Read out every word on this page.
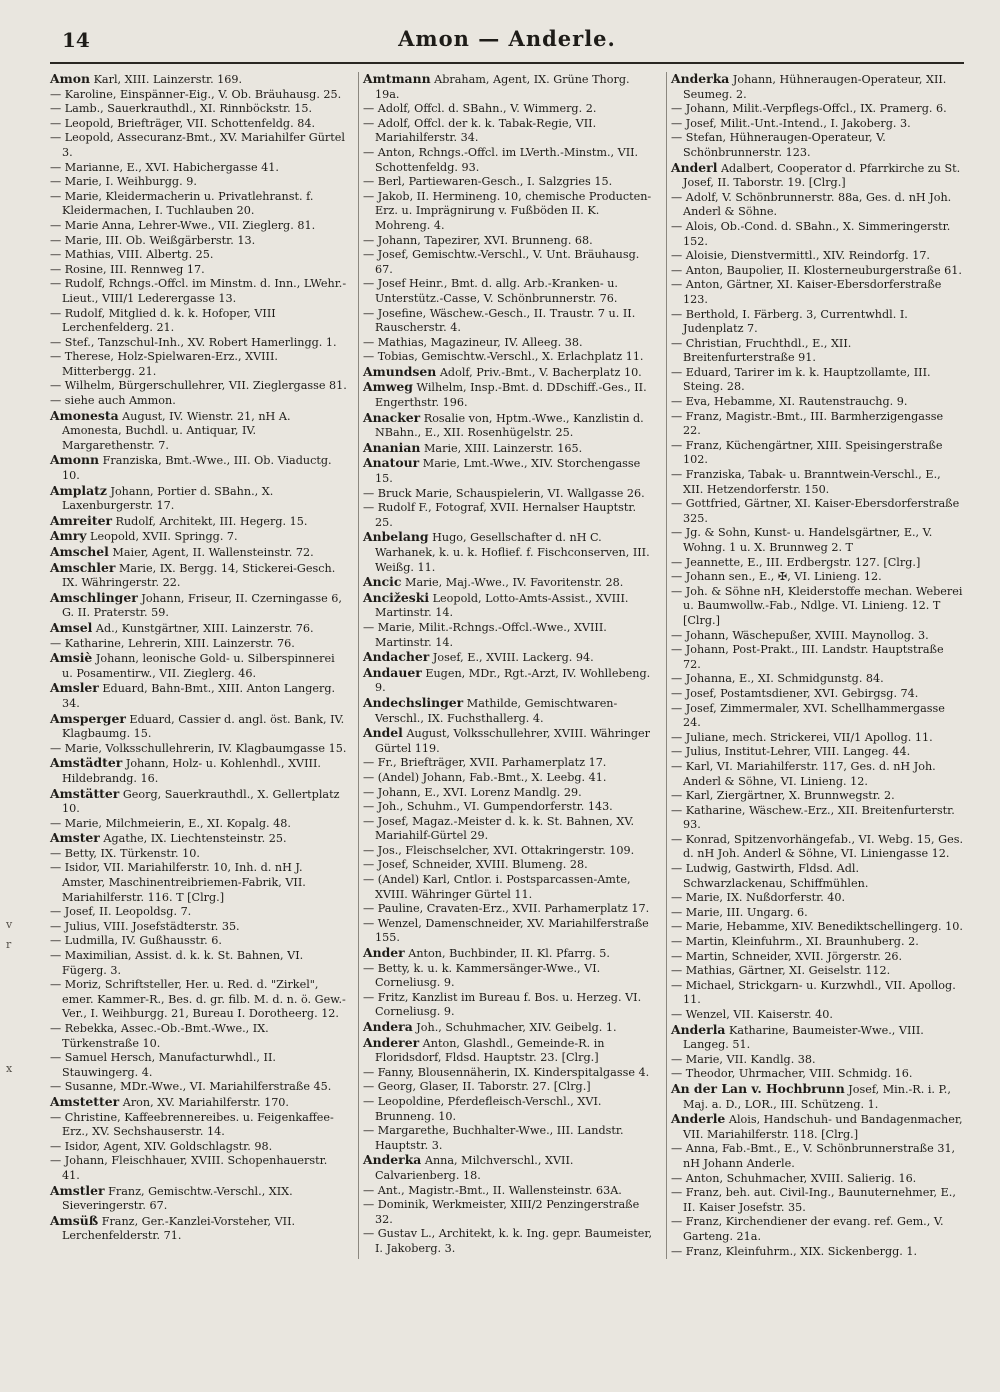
14	Amon — Anderle.
v
r
x

Amon Karl, XIII. Lainzerstr. 169.

— Karoline, Einspänner-Eig., V. Ob. Bräuhausg. 25.

— Lamb., Sauerkrauthdl., XI. Rinnböckstr. 15.

— Leopold, Briefträger, VII. Schottenfeldg. 84.

— Leopold, Assecuranz-Bmt., XV. Mariahilfer Gürtel 3.

— Marianne, E., XVI. Habichergasse 41.

— Marie, I. Weihburgg. 9.

— Marie, Kleidermacherin u. Privatlehranst. f. Kleidermachen, I. Tuchlauben 20.

— Marie Anna, Lehrer-Wwe., VII. Zieglerg. 81.

— Marie, III. Ob. Weißgärberstr. 13.

— Mathias, VIII. Albertg. 25.

— Rosine, III. Rennweg 17.

— Rudolf, Rchngs.-Offcl. im Minstm. d. Inn., LWehr.-Lieut., VIII/1 Lederergasse 13.

— Rudolf, Mitglied d. k. k. Hofoper, VIII Lerchenfelderg. 21.

— Stef., Tanzschul-Inh., XV. Robert Hamerlingg. 1.

— Therese, Holz-Spielwaren-Erz., XVIII. Mitterbergg. 21.

— Wilhelm, Bürgerschullehrer, VII. Zieglergasse 81.

— siehe auch Ammon.

Amonesta August, IV. Wienstr. 21, nH A. Amonesta, Buchdl. u. Antiquar, IV. Margarethenstr. 7.

Amonn Franziska, Bmt.-Wwe., III. Ob. Viaductg. 10.

Amplatz Johann, Portier d. SBahn., X. Laxenburgerstr. 17.

Amreiter Rudolf, Architekt, III. Hegerg. 15.

Amry Leopold, XVII. Springg. 7.

Amschel Maier, Agent, II. Wallensteinstr. 72.

Amschler Marie, IX. Bergg. 14, Stickerei-Gesch. IX. Währingerstr. 22.

Amschlinger Johann, Friseur, II. Czerningasse 6, G. II. Praterstr. 59.

Amsel Ad., Kunstgärtner, XIII. Lainzerstr. 76.

— Katharine, Lehrerin, XIII. Lainzerstr. 76.

Amsiè Johann, leonische Gold- u. Silberspinnerei u. Posamentirw., VII. Zieglerg. 46.

Amsler Eduard, Bahn-Bmt., XIII. Anton Langerg. 34.

Amsperger Eduard, Cassier d. angl. öst. Bank, IV. Klagbaumg. 15.

— Marie, Volksschullehrerin, IV. Klagbaumgasse 15.

Amstädter Johann, Holz- u. Kohlenhdl., XVIII. Hildebrandg. 16.

Amstätter Georg, Sauerkrauthdl., X. Gellertplatz 10.

— Marie, Milchmeierin, E., XI. Kopalg. 48.

Amster Agathe, IX. Liechtensteinstr. 25.

— Betty, IX. Türkenstr. 10.

— Isidor, VII. Mariahilferstr. 10, Inh. d. nH J. Amster, Maschinentreibriemen-Fabrik, VII. Mariahilferstr. 116. T [Clrg.]

— Josef, II. Leopoldsg. 7.

— Julius, VIII. Josefstädterstr. 35.

— Ludmilla, IV. Gußhausstr. 6.

— Maximilian, Assist. d. k. k. St. Bahnen, VI. Fügerg. 3.

— Moriz, Schriftsteller, Her. u. Red. d. "Zirkel", emer. Kammer-R., Bes. d. gr. filb. M. d. n. ö. Gew.-Ver., I. Weihburgg. 21, Bureau I. Dorotheerg. 12.

— Rebekka, Assec.-Ob.-Bmt.-Wwe., IX. Türkenstraße 10.

— Samuel Hersch, Manufacturwhdl., II. Stauwingerg. 4.

— Susanne, MDr.-Wwe., VI. Mariahilferstraße 45.

Amstetter Aron, XV. Mariahilferstr. 170.

— Christine, Kaffeebrennereibes. u. Feigenkaffee-Erz., XV. Sechshauserstr. 14.

— Isidor, Agent, XIV. Goldschlagstr. 98.

— Johann, Fleischhauer, XVIII. Schopenhauerstr. 41.

Amstler Franz, Gemischtw.-Verschl., XIX. Sieveringerstr. 67.

Amsüß Franz, Ger.-Kanzlei-Vorsteher, VII. Lerchenfelderstr. 71.

Amtmann Abraham, Agent, IX. Grüne Thorg. 19a.

— Adolf, Offcl. d. SBahn., V. Wimmerg. 2.

— Adolf, Offcl. der k. k. Tabak-Regie, VII. Mariahilferstr. 34.

— Anton, Rchngs.-Offcl. im LVerth.-Minstm., VII. Schottenfeldg. 93.

— Berl, Partiewaren-Gesch., I. Salzgries 15.

— Jakob, II. Hermineng. 10, chemische Producten-Erz. u. Imprägnirung v. Fußböden II. K. Mohreng. 4.

— Johann, Tapezirer, XVI. Brunneng. 68.

— Josef, Gemischtw.-Verschl., V. Unt. Bräuhausg. 67.

— Josef Heinr., Bmt. d. allg. Arb.-Kranken- u. Unterstütz.-Casse, V. Schönbrunnerstr. 76.

— Josefine, Wäschew.-Gesch., II. Traustr. 7 u. II. Rauscherstr. 4.

— Mathias, Magazineur, IV. Alleeg. 38.

— Tobias, Gemischtw.-Verschl., X. Erlachplatz 11.

Amundsen Adolf, Priv.-Bmt., V. Bacherplatz 10.

Amweg Wilhelm, Insp.-Bmt. d. DDschiff.-Ges., II. Engerthstr. 196.

Anacker Rosalie von, Hptm.-Wwe., Kanzlistin d. NBahn., E., XII. Rosenhügelstr. 25.

Ananian Marie, XIII. Lainzerstr. 165.

Anatour Marie, Lmt.-Wwe., XIV. Storchengasse 15.

— Bruck Marie, Schauspielerin, VI. Wallgasse 26.

— Rudolf F., Fotograf, XVII. Hernalser Hauptstr. 25.

Anbelang Hugo, Gesellschafter d. nH C. Warhanek, k. u. k. Hoflief. f. Fischconserven, III. Weißg. 11.

Ancic Marie, Maj.-Wwe., IV. Favoritenstr. 28.

Ancižeski Leopold, Lotto-Amts-Assist., XVIII. Martinstr. 14.

— Marie, Milit.-Rchngs.-Offcl.-Wwe., XVIII. Martinstr. 14.

Andacher Josef, E., XVIII. Lackerg. 94.

Andauer Eugen, MDr., Rgt.-Arzt, IV. Wohllebeng. 9.

Andechslinger Mathilde, Gemischtwaren-Verschl., IX. Fuchsthallerg. 4.

Andel August, Volksschullehrer, XVIII. Währinger Gürtel 119.

— Fr., Briefträger, XVII. Parhamerplatz 17.

— (Andel) Johann, Fab.-Bmt., X. Leebg. 41.

— Johann, E., XVI. Lorenz Mandlg. 29.

— Joh., Schuhm., VI. Gumpendorferstr. 143.

— Josef, Magaz.-Meister d. k. k. St. Bahnen, XV. Mariahilf-Gürtel 29.

— Jos., Fleischselcher, XVI. Ottakringerstr. 109.

— Josef, Schneider, XVIII. Blumeng. 28.

— (Andel) Karl, Cntlor. i. Postsparcassen-Amte, XVIII. Währinger Gürtel 11.

— Pauline, Cravaten-Erz., XVII. Parhamerplatz 17.

— Wenzel, Damenschneider, XV. Mariahilferstraße 155.

Ander Anton, Buchbinder, II. Kl. Pfarrg. 5.

— Betty, k. u. k. Kammersänger-Wwe., VI. Corneliusg. 9.

— Fritz, Kanzlist im Bureau f. Bos. u. Herzeg. VI. Corneliusg. 9.

Andera Joh., Schuhmacher, XIV. Geibelg. 1.

Anderer Anton, Glashdl., Gemeinde-R. in Floridsdorf, Fldsd. Hauptstr. 23. [Clrg.]

— Fanny, Blousennäherin, IX. Kinderspitalgasse 4.

— Georg, Glaser, II. Taborstr. 27. [Clrg.]

— Leopoldine, Pferdefleisch-Verschl., XVI. Brunneng. 10.

— Margarethe, Buchhalter-Wwe., III. Landstr. Hauptstr. 3.

Anderka Anna, Milchverschl., XVII. Calvarienberg. 18.

— Ant., Magistr.-Bmt., II. Wallensteinstr. 63A.

— Dominik, Werkmeister, XIII/2 Penzingerstraße 32.

— Gustav L., Architekt, k. k. Ing. gepr. Baumeister, I. Jakoberg. 3.

Anderka Johann, Hühneraugen-Operateur, XII. Seumeg. 2.

— Johann, Milit.-Verpflegs-Offcl., IX. Pramerg. 6.

— Josef, Milit.-Unt.-Intend., I. Jakoberg. 3.

— Stefan, Hühneraugen-Operateur, V. Schönbrunnerstr. 123.

Anderl Adalbert, Cooperator d. Pfarrkirche zu St. Josef, II. Taborstr. 19. [Clrg.]

— Adolf, V. Schönbrunnerstr. 88a, Ges. d. nH Joh. Anderl & Söhne.

— Alois, Ob.-Cond. d. SBahn., X. Simmeringerstr. 152.

— Aloisie, Dienstvermittl., XIV. Reindorfg. 17.

— Anton, Baupolier, II. Klosterneuburgerstraße 61.

— Anton, Gärtner, XI. Kaiser-Ebersdorferstraße 123.

— Berthold, I. Färberg. 3, Currentwhdl. I. Judenplatz 7.

— Christian, Fruchthdl., E., XII. Breitenfurterstraße 91.

— Eduard, Tarirer im k. k. Hauptzollamte, III. Steing. 28.

— Eva, Hebamme, XI. Rautenstrauchg. 9.

— Franz, Magistr.-Bmt., III. Barmherzigengasse 22.

— Franz, Küchengärtner, XIII. Speisingerstraße 102.

— Franziska, Tabak- u. Branntwein-Verschl., E., XII. Hetzendorferstr. 150.

— Gottfried, Gärtner, XI. Kaiser-Ebersdorferstraße 325.

— Jg. & Sohn, Kunst- u. Handelsgärtner, E., V. Wohng. 1 u. X. Brunnweg 2. T

— Jeannette, E., III. Erdbergstr. 127. [Clrg.]

— Johann sen., E., ✠, VI. Linieng. 12.

— Joh. & Söhne nH, Kleiderstoffe mechan. Weberei u. Baumwollw.-Fab., Ndlge. VI. Linieng. 12. T [Clrg.]

— Johann, Wäschepußer, XVIII. Maynollog. 3.

— Johann, Post-Prakt., III. Landstr. Hauptstraße 72.

— Johanna, E., XI. Schmidgunstg. 84.

— Josef, Postamtsdiener, XVI. Gebirgsg. 74.

— Josef, Zimmermaler, XVI. Schellhammergasse 24.

— Juliane, mech. Strickerei, VII/1 Apollog. 11.

— Julius, Institut-Lehrer, VIII. Langeg. 44.

— Karl, VI. Mariahilferstr. 117, Ges. d. nH Joh. Anderl & Söhne, VI. Linieng. 12.

— Karl, Ziergärtner, X. Brunnwegstr. 2.

— Katharine, Wäschew.-Erz., XII. Breitenfurterstr. 93.

— Konrad, Spitzenvorhängefab., VI. Webg. 15, Ges. d. nH Joh. Anderl & Söhne, VI. Liniengasse 12.

— Ludwig, Gastwirth, Fldsd. Adl. Schwarzlackenau, Schiffmühlen.

— Marie, IX. Nußdorferstr. 40.

— Marie, III. Ungarg. 6.

— Marie, Hebamme, XIV. Benediktschellingerg. 10.

— Martin, Kleinfuhrm., XI. Braunhuberg. 2.

— Martin, Schneider, XVII. Jörgerstr. 26.

— Mathias, Gärtner, XI. Geiselstr. 112.

— Michael, Strickgarn- u. Kurzwhdl., VII. Apollog. 11.

— Wenzel, VII. Kaiserstr. 40.

Anderla Katharine, Baumeister-Wwe., VIII. Langeg. 51.

— Marie, VII. Kandlg. 38.

— Theodor, Uhrmacher, VIII. Schmidg. 16.

An der Lan v. Hochbrunn Josef, Min.-R. i. P., Maj. a. D., LOR., III. Schützeng. 1.

Anderle Alois, Handschuh- und Bandagenmacher, VII. Mariahilferstr. 118. [Clrg.]

— Anna, Fab.-Bmt., E., V. Schönbrunnerstraße 31, nH Johann Anderle.

— Anton, Schuhmacher, XVIII. Salierig. 16.

— Franz, beh. aut. Civil-Ing., Baunuternehmer, E., II. Kaiser Josefstr. 35.

— Franz, Kirchendiener der evang. ref. Gem., V. Garteng. 21a.

— Franz, Kleinfuhrm., XIX. Sickenbergg. 1.
